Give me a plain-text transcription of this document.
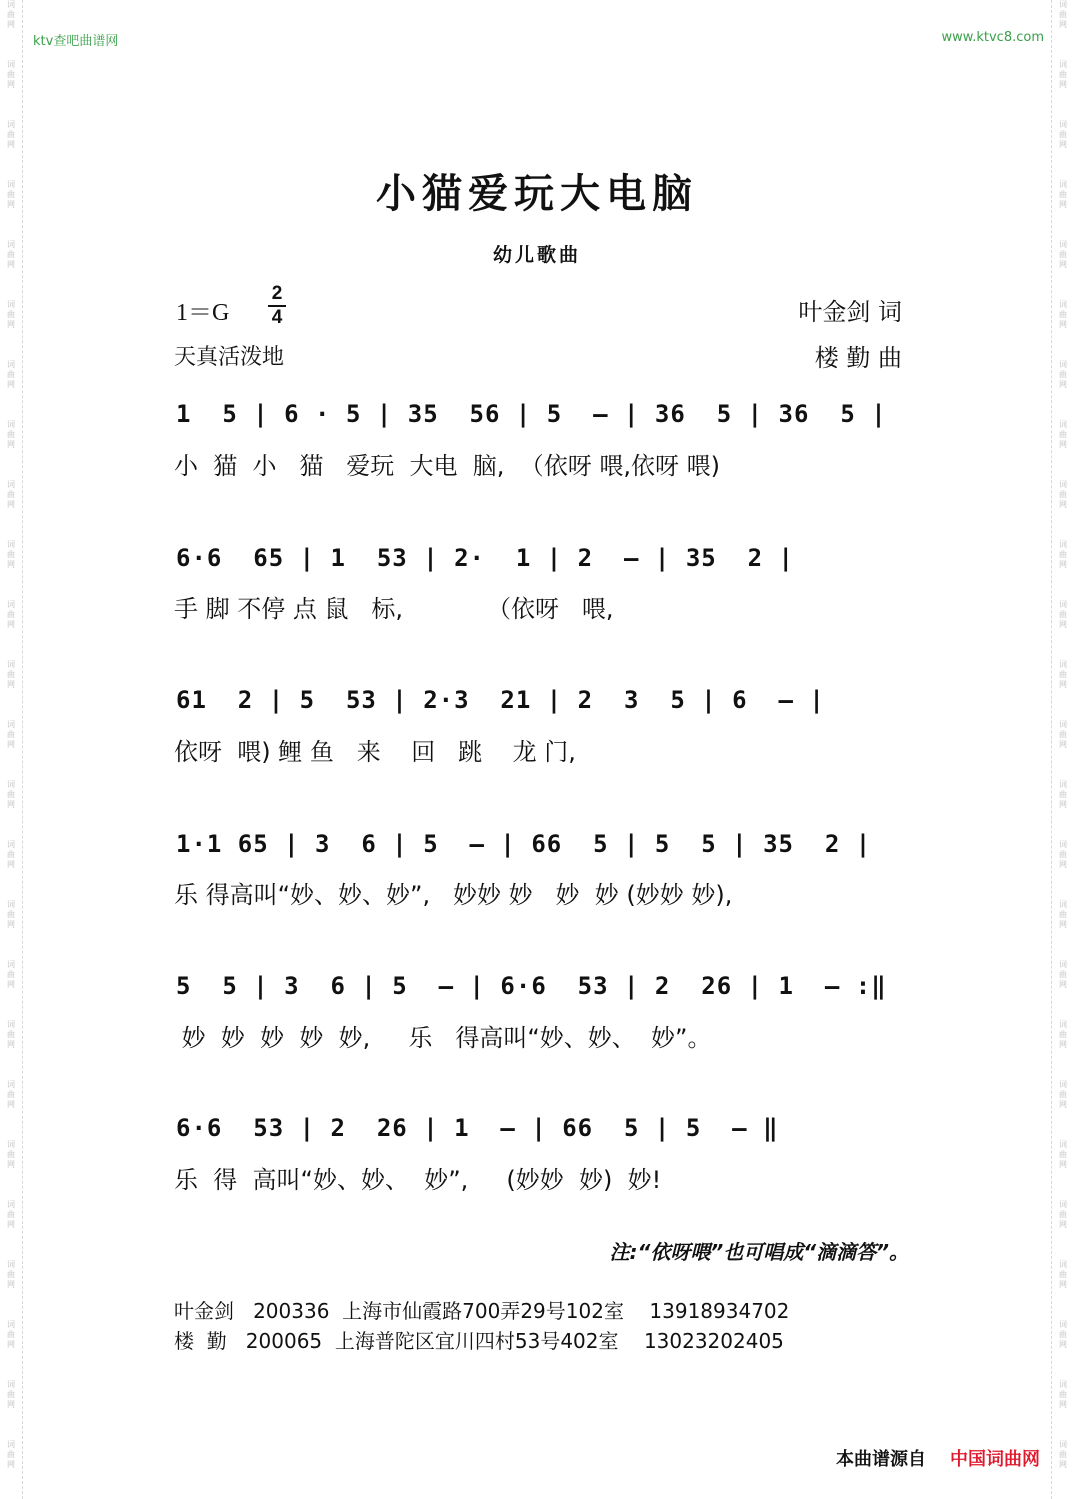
词
曲
网
词
曲
网
词
曲
网
词
曲
网
词
曲
网
词
曲
网
词
曲
网
词
曲
网
词
曲
网
词
曲
网
词
曲
网
词
曲
网
词
曲
网
词
曲
网
词
曲
网
词
曲
网
词
曲
网
词
曲
网
词
曲
网
词
曲
网
词
曲
网
词
曲
网
词
曲
网
词
曲
网
词
曲
网
词
曲
网
词
曲
网
词
曲
网
词
曲
网
词
曲
网
词
曲
网
词
曲
网
词
曲
网
词
曲
网
词
曲
网
词
曲
网
词
曲
网
词
曲
网
词
曲
网
词
曲
网
词
曲
网
词
曲
网
词
曲
网
词
曲
网
词
曲
网
词
曲
网
词
曲
网
词
曲
网
词
曲
网
词
曲
网
ktv查吧曲谱网	www.ktvc8.com
小猫爱玩大电脑
幼儿歌曲
1＝G
2
4	叶金剑 词
天真活泼地	楼 勤 曲
1  5 | 6 · 5 | 35  56 | 5  – | 36  5 | 36  5 |
小  猫  小   猫   爱玩  大电  脑,  （依呀 喂,依呀 喂)
6·6  65 | 1  53 | 2·  1 | 2  – | 35  2 |
手 脚 不停 点 鼠   标,           （依呀   喂,
61  2 | 5  53 | 2·3  21 | 2  3  5 | 6  – |
依呀  喂) 鲤 鱼   来    回   跳    龙 门,
1·1 65 | 3  6 | 5  – | 66  5 | 5  5 | 35  2 |
乐 得高叫“妙、妙、妙”,   妙妙 妙   妙  妙 (妙妙 妙),
5  5 | 3  6 | 5  – | 6·6  53 | 2  26 | 1  – :‖
妙  妙  妙  妙  妙,     乐   得高叫“妙、妙、  妙”。
6·6  53 | 2  26 | 1  – | 66  5 | 5  – ‖
乐  得  高叫“妙、妙、  妙”,     (妙妙  妙)  妙!
注:“依呀喂”也可唱成“滴滴答”。
叶金剑 200336 上海市仙霞路700弄29号102室 13918934702
楼  勤 200065 上海普陀区宜川四村53号402室 13023202405
本曲谱源自 中国词曲网
